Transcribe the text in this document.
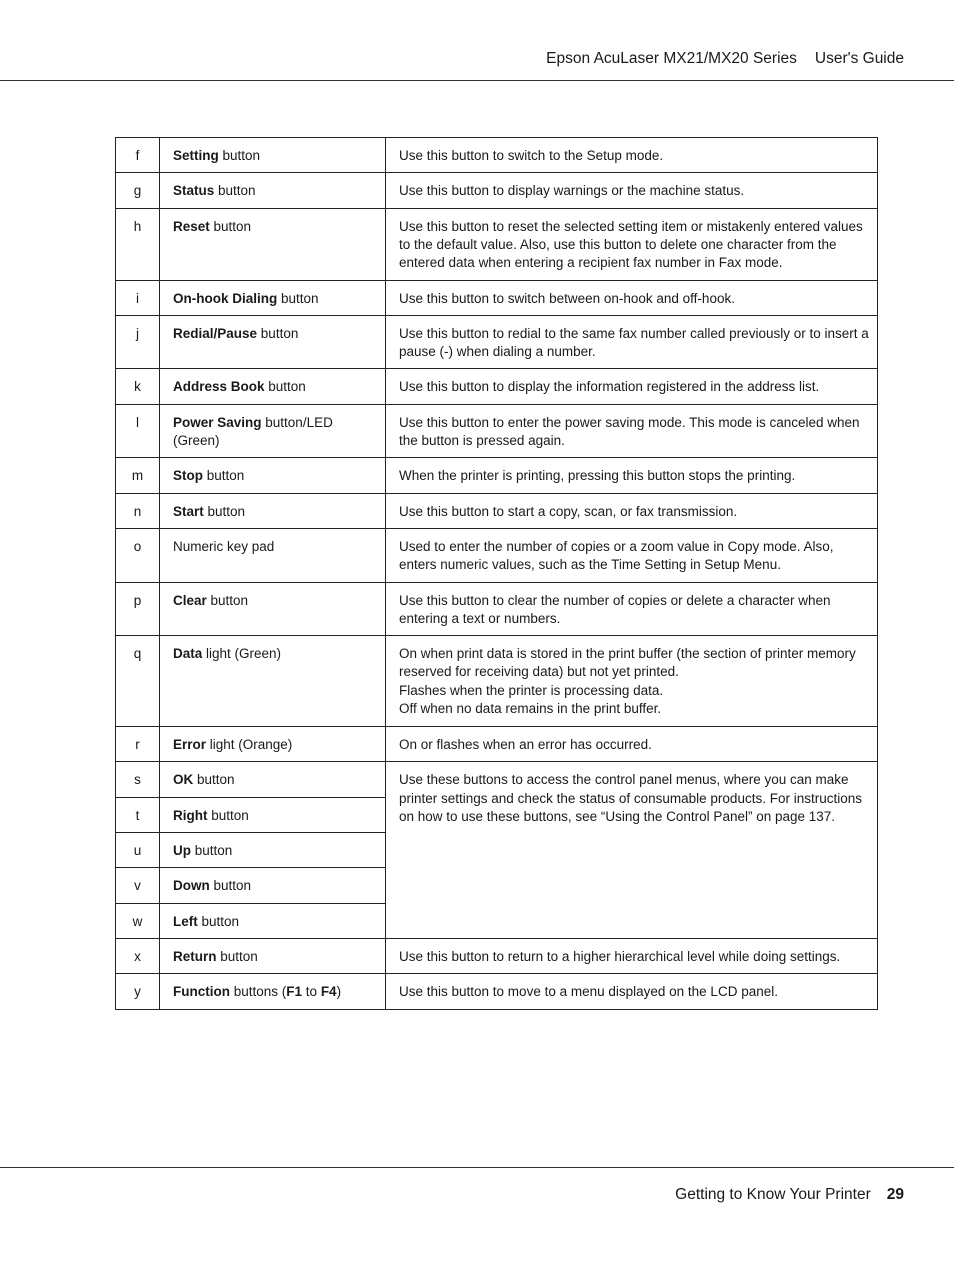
Epson AcuLaser MX21/MX20 Series User's Guide
f	Setting button	Use this button to switch to the Setup mode.
g	Status button	Use this button to display warnings or the machine status.
h	Reset button	Use this button to reset the selected setting item or mistakenly entered values to the default value. Also, use this button to delete one character from the entered data when entering a recipient fax number in Fax mode.
i	On-hook Dialing button	Use this button to switch between on-hook and off-hook.
j	Redial/Pause button	Use this button to redial to the same fax number called previously or to insert a pause (-) when dialing a number.
k	Address Book button	Use this button to display the information registered in the address list.
l	Power Saving button/LED (Green)	Use this button to enter the power saving mode. This mode is canceled when the button is pressed again.
m	Stop button	When the printer is printing, pressing this button stops the printing.
n	Start button	Use this button to start a copy, scan, or fax transmission.
o	Numeric key pad	Used to enter the number of copies or a zoom value in Copy mode. Also, enters numeric values, such as the Time Setting in Setup Menu.
p	Clear button	Use this button to clear the number of copies or delete a character when entering a text or numbers.
q	Data light (Green)	On when print data is stored in the print buffer (the section of printer memory reserved for receiving data) but not yet printed.
Flashes when the printer is processing data.
Off when no data remains in the print buffer.

r	Error light (Orange)	On or flashes when an error has occurred.
s	OK button	Use these buttons to access the control panel menus, where you can make printer settings and check the status of consumable products. For instructions on how to use these buttons, see “Using the Control Panel” on page 137.
t	Right button	
u	Up button	
v	Down button	
w	Left button	
x	Return button	Use this button to return to a higher hierarchical level while doing settings.
y	Function buttons (F1 to F4)	Use this button to move to a menu displayed on the LCD panel.
Getting to Know Your Printer 29
